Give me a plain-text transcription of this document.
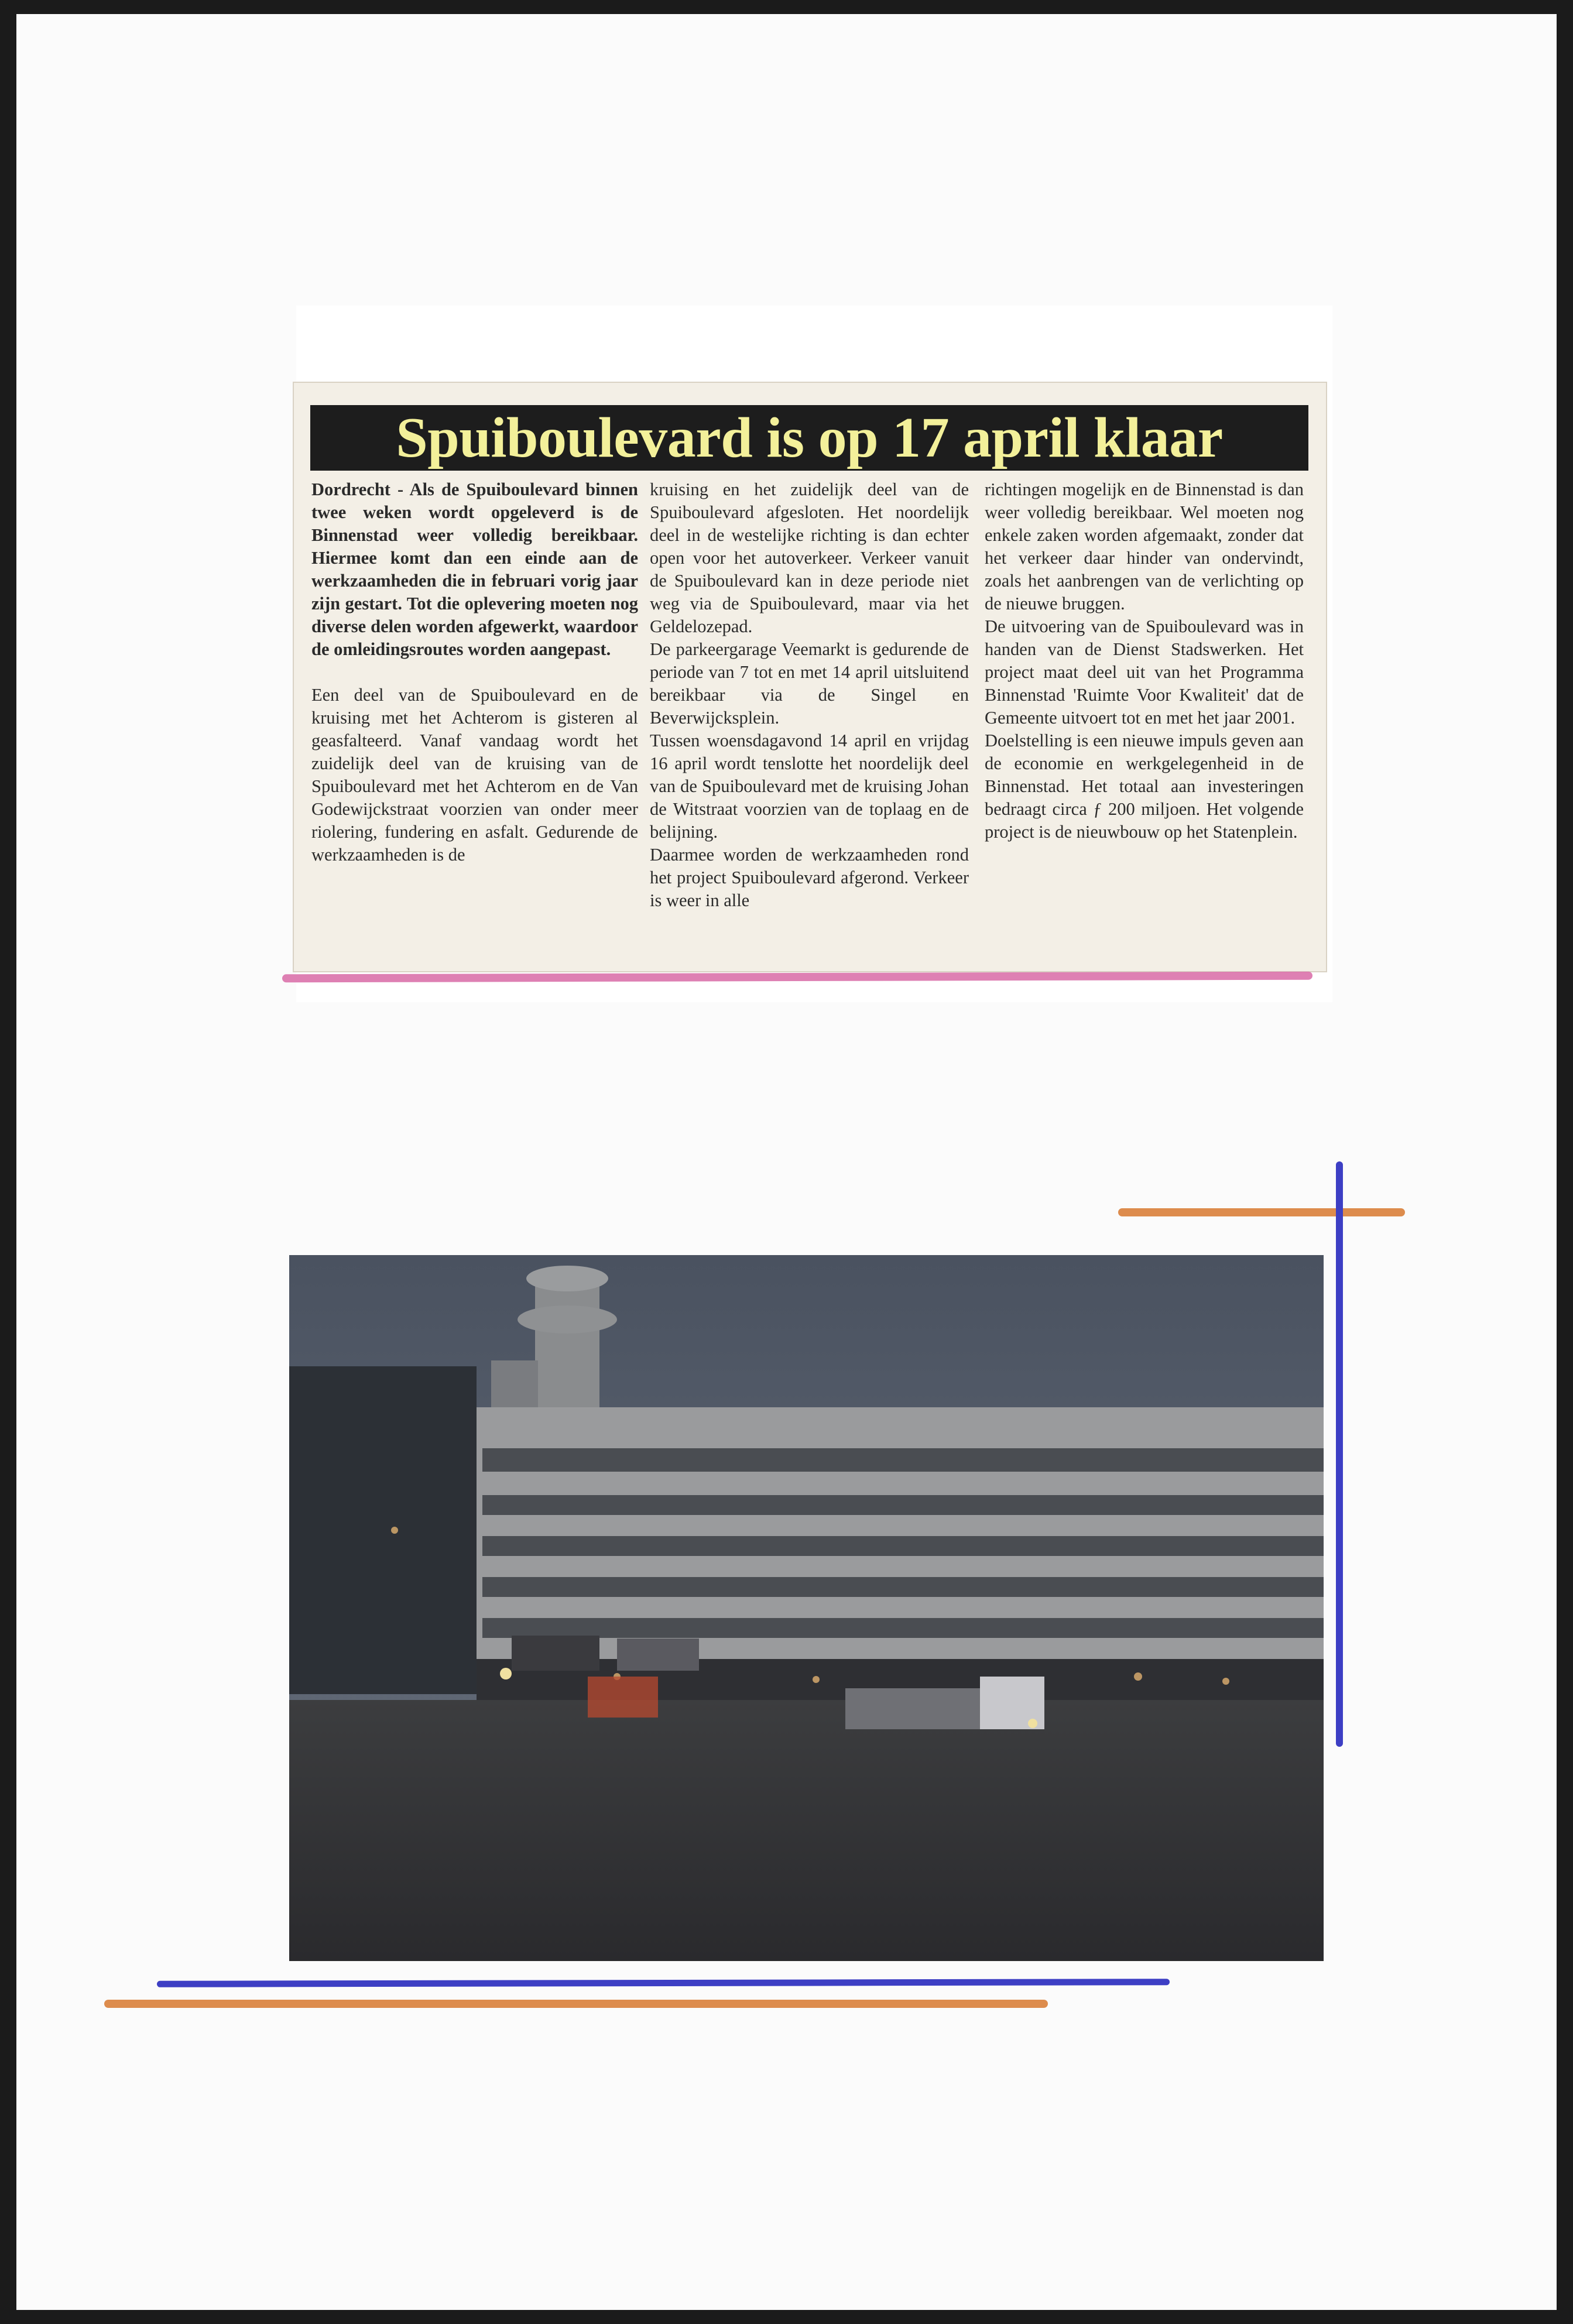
Spuiboulevard is op 17 april klaar

Dordrecht - Als de Spuiboulevard binnen twee weken wordt opgeleverd is de Binnenstad weer volledig bereikbaar. Hiermee komt dan een einde aan de werkzaamheden die in februari vorig jaar zijn gestart. Tot die oplevering moeten nog diverse delen worden afgewerkt, waardoor de omleidingsroutes worden aangepast.

Een deel van de Spuiboulevard en de kruising met het Achterom is gisteren al geasfalteerd. Vanaf vandaag wordt het zuidelijk deel van de kruising van de Spuiboulevard met het Achterom en de Van Godewijckstraat voorzien van onder meer riolering, fundering en asfalt. Gedurende de werkzaamheden is de

kruising en het zuidelijk deel van de Spuiboulevard afgesloten. Het noordelijk deel in de westelijke richting is dan echter open voor het autoverkeer. Verkeer vanuit de Spuiboulevard kan in deze periode niet weg via de Spuiboulevard, maar via het Geldelozepad.

De parkeergarage Veemarkt is gedurende de periode van 7 tot en met 14 april uitsluitend bereikbaar via de Singel en Beverwijcksplein.

Tussen woensdagavond 14 april en vrijdag 16 april wordt tenslotte het noordelijk deel van de Spuiboulevard met de kruising Johan de Witstraat voorzien van de toplaag en de belijning.

Daarmee worden de werkzaamheden rond het project Spuiboulevard afgerond. Verkeer is weer in alle

richtingen mogelijk en de Binnenstad is dan weer volledig bereikbaar. Wel moeten nog enkele zaken worden afgemaakt, zonder dat het verkeer daar hinder van ondervindt, zoals het aanbrengen van de verlichting op de nieuwe bruggen.

De uitvoering van de Spuiboulevard was in handen van de Dienst Stadswerken. Het project maat deel uit van het Programma Binnenstad 'Ruimte Voor Kwaliteit' dat de Gemeente uitvoert tot en met het jaar 2001.

Doelstelling is een nieuwe impuls geven aan de economie en werkgelegenheid in de Binnenstad. Het totaal aan investeringen bedraagt circa ƒ 200 miljoen. Het volgende project is de nieuwbouw op het Statenplein.
